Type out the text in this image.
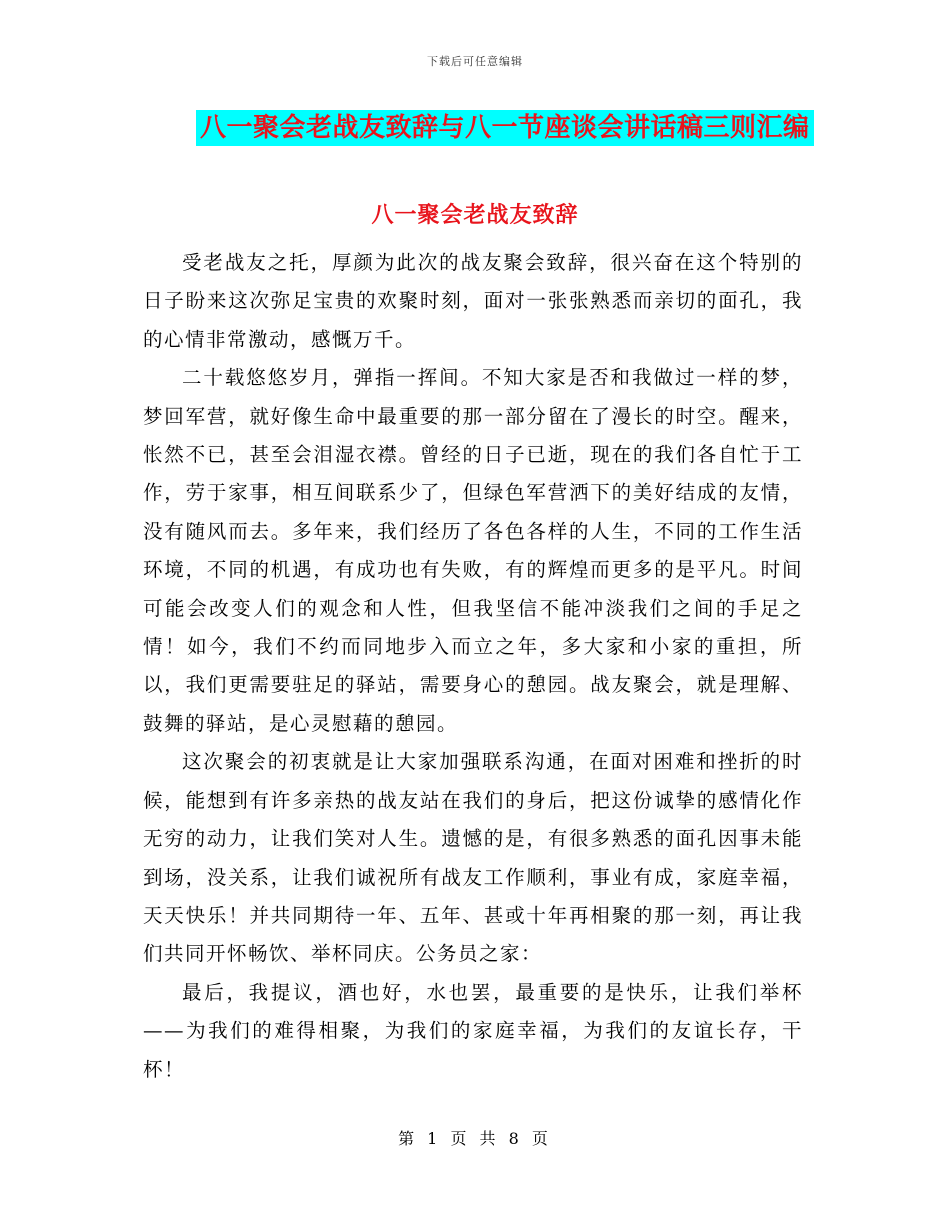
下载后可任意编辑
八一聚会老战友致辞与八一节座谈会讲话稿三则汇编
八一聚会老战友致辞

受老战友之托，厚颜为此次的战友聚会致辞，很兴奋在这个特别的日子盼来这次弥足宝贵的欢聚时刻，面对一张张熟悉而亲切的面孔，我的心情非常激动，感慨万千。

二十载悠悠岁月，弹指一挥间。不知大家是否和我做过一样的梦，梦回军营，就好像生命中最重要的那一部分留在了漫长的时空。醒来，怅然不已，甚至会泪湿衣襟。曾经的日子已逝，现在的我们各自忙于工作，劳于家事，相互间联系少了，但绿色军营洒下的美好结成的友情，没有随风而去。多年来，我们经历了各色各样的人生，不同的工作生活环境，不同的机遇，有成功也有失败，有的辉煌而更多的是平凡。时间可能会改变人们的观念和人性，但我坚信不能冲淡我们之间的手足之情！如今，我们不约而同地步入而立之年，多大家和小家的重担，所以，我们更需要驻足的驿站，需要身心的憩园。战友聚会，就是理解、鼓舞的驿站，是心灵慰藉的憩园。

这次聚会的初衷就是让大家加强联系沟通，在面对困难和挫折的时候，能想到有许多亲热的战友站在我们的身后，把这份诚挚的感情化作无穷的动力，让我们笑对人生。遗憾的是，有很多熟悉的面孔因事未能到场，没关系，让我们诚祝所有战友工作顺利，事业有成，家庭幸福，天天快乐！并共同期待一年、五年、甚或十年再相聚的那一刻，再让我们共同开怀畅饮、举杯同庆。公务员之家：

最后，我提议，酒也好，水也罢，最重要的是快乐，让我们举杯——为我们的难得相聚，为我们的家庭幸福，为我们的友谊长存，干杯！

第 1 页 共 8 页
